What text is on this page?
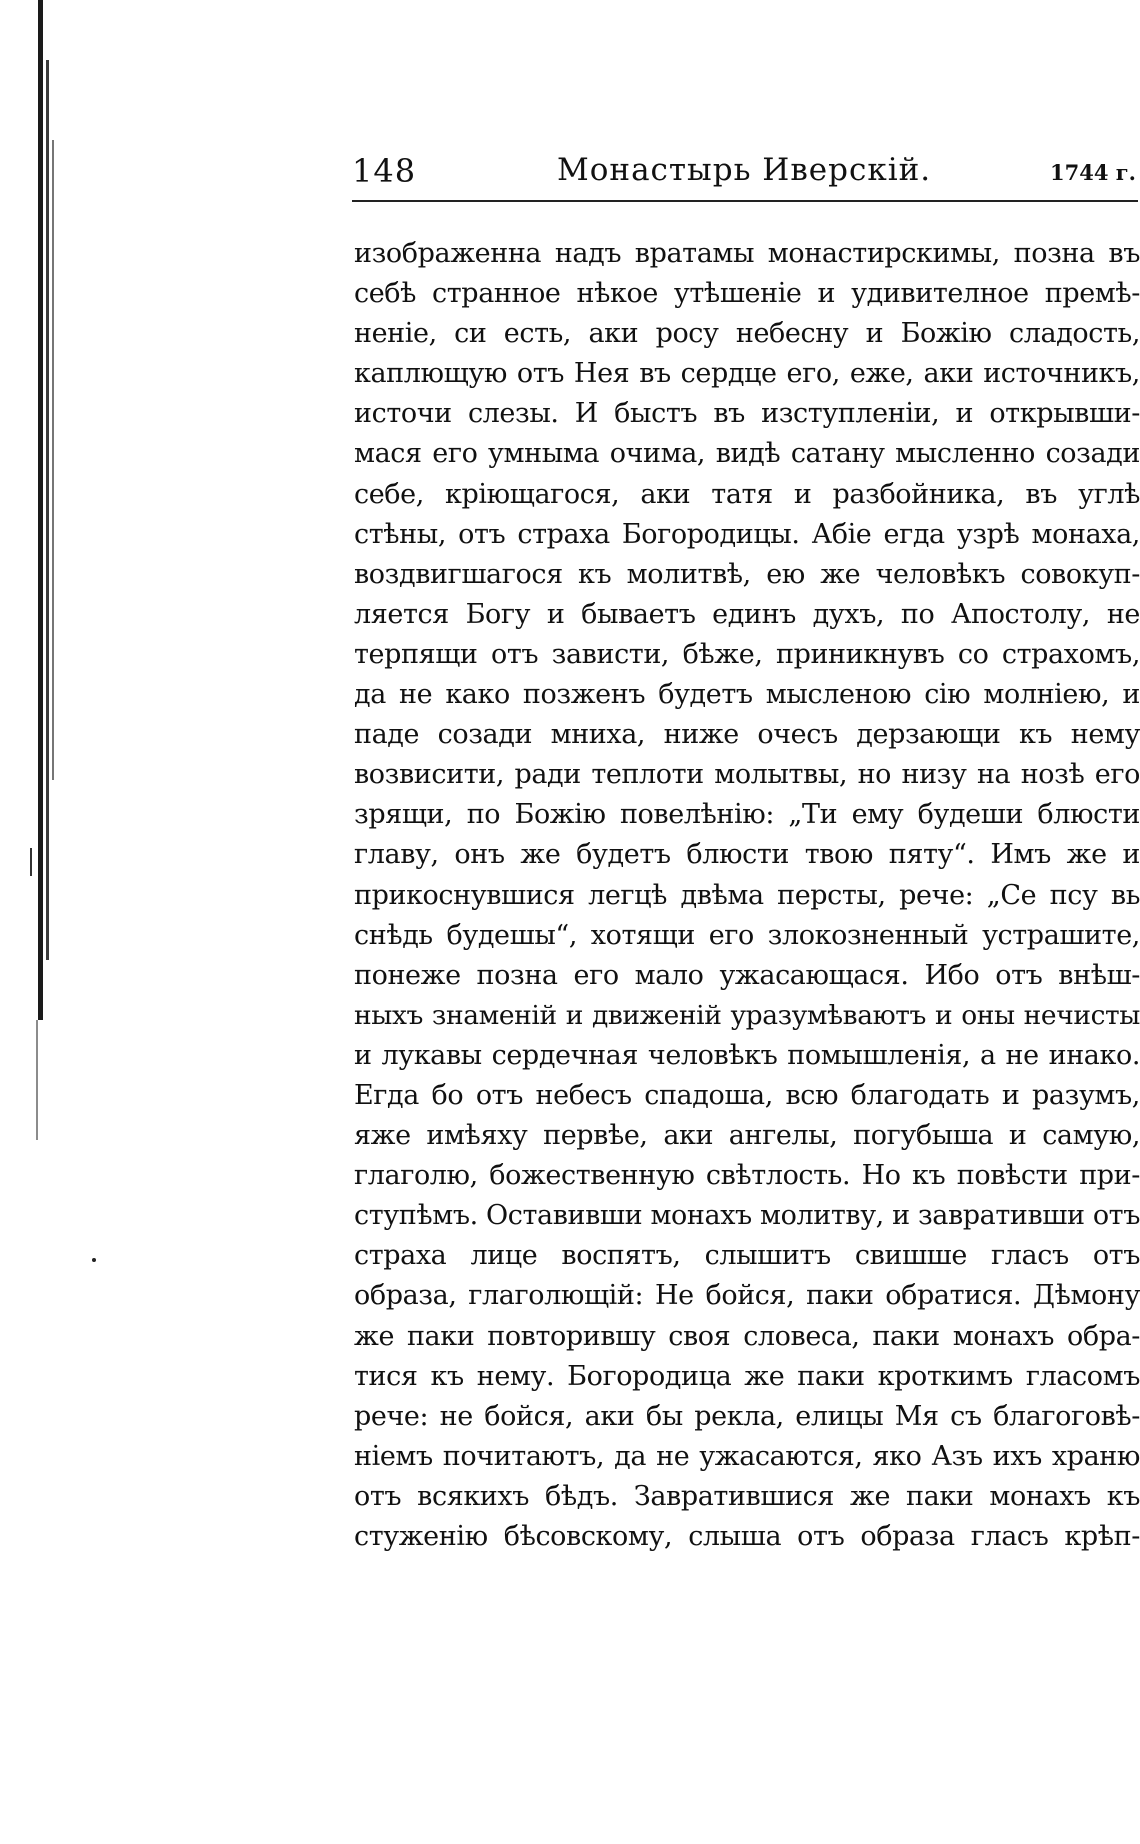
148	Монастырь Иверскій.	1744 г.
изображенна надъ вратамы монастирскимы, позна въ
себѣ странное нѣкое утѣшеніе и удивителное премѣ-
неніе, си есть, аки росу небесну и Божію сладость,
каплющую отъ Нея въ сердце его, еже, аки источникъ,
источи слезы. И быстъ въ изступленіи, и открывши-
мася его умныма очима, видѣ сатану мысленно созади
себе, кріющагося, аки татя и разбойника, въ углѣ
стѣны, отъ страха Богородицы. Абіе егда узрѣ монаха,
воздвигшагося къ молитвѣ, ею же человѣкъ совокуп-
ляется Богу и бываетъ единъ духъ, по Апостолу, не
терпящи отъ зависти, бѣже, приникнувъ со страхомъ,
да не како позженъ будетъ мысленою сію молніею, и
паде созади мниха, ниже очесъ дерзающи къ нему
возвисити, ради теплоти молытвы, но низу на нозѣ его
зрящи, по Божію повелѣнію: „Ти ему будеши блюсти
главу, онъ же будетъ блюсти твою пяту“. Имъ же и
прикоснувшися легцѣ двѣма персты, рече: „Се псу вь
снѣдь будешы“, хотящи его злокозненный устрашите,
понеже позна его мало ужасающася. Ибо отъ внѣш-
ныхъ знаменій и движеній уразумѣваютъ и оны нечисты
и лукавы сердечная человѣкъ помышленія, а не инако.
Егда бо отъ небесъ спадоша, всю благодать и разумъ,
яже имѣяху первѣе, аки ангелы, погубыша и самую,
глаголю, божественную свѣтлость. Но къ повѣсти при-
ступѣмъ. Оставивши монахъ молитву, и завративши отъ
страха лице воспятъ, слышитъ свишше гласъ отъ
образа, глаголющій: Не бойся, паки обратися. Дѣмону
же паки повторившу своя словеса, паки монахъ обра-
тися къ нему. Богородица же паки кроткимъ гласомъ
рече: не бойся, аки бы рекла, елицы Мя съ благоговѣ-
ніемъ почитаютъ, да не ужасаются, яко Азъ ихъ храню
отъ всякихъ бѣдъ. Завратившися же паки монахъ къ
стуженію бѣсовскому, слыша отъ образа гласъ крѣп-
